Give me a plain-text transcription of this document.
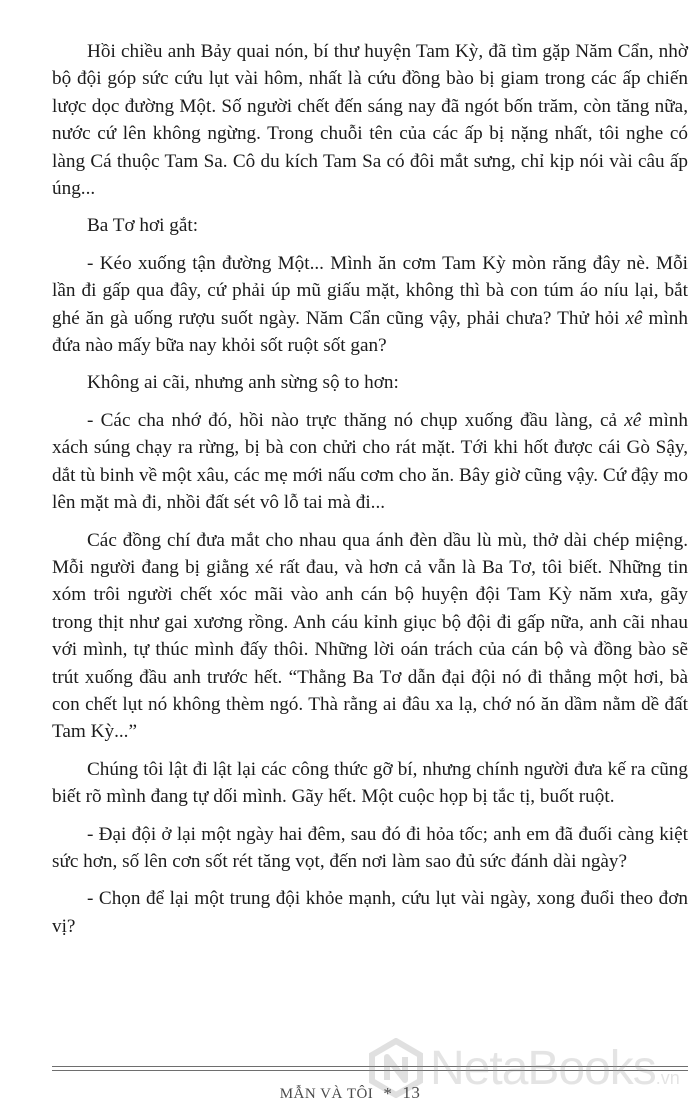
Hồi chiều anh Bảy quai nón, bí thư huyện Tam Kỳ, đã tìm gặp Năm Cẩn, nhờ bộ đội góp sức cứu lụt vài hôm, nhất là cứu đồng bào bị giam trong các ấp chiến lược dọc đường Một. Số người chết đến sáng nay đã ngót bốn trăm, còn tăng nữa, nước cứ lên không ngừng. Trong chuỗi tên của các ấp bị nặng nhất, tôi nghe có làng Cá thuộc Tam Sa. Cô du kích Tam Sa có đôi mắt sưng, chỉ kịp nói vài câu ấp úng...

Ba Tơ hơi gắt:

- Kéo xuống tận đường Một... Mình ăn cơm Tam Kỳ mòn răng đây nè. Mỗi lần đi gấp qua đây, cứ phải úp mũ giấu mặt, không thì bà con túm áo níu lại, bắt ghé ăn gà uống rượu suốt ngày. Năm Cẩn cũng vậy, phải chưa? Thử hỏi xê mình đứa nào mấy bữa nay khỏi sốt ruột sốt gan?

Không ai cãi, nhưng anh sừng sộ to hơn:

- Các cha nhớ đó, hồi nào trực thăng nó chụp xuống đầu làng, cả xê mình xách súng chạy ra rừng, bị bà con chửi cho rát mặt. Tới khi hốt được cái Gò Sậy, dắt tù binh về một xâu, các mẹ mới nấu cơm cho ăn. Bây giờ cũng vậy. Cứ đậy mo lên mặt mà đi, nhồi đất sét vô lỗ tai mà đi...

Các đồng chí đưa mắt cho nhau qua ánh đèn dầu lù mù, thở dài chép miệng. Mỗi người đang bị giằng xé rất đau, và hơn cả vẫn là Ba Tơ, tôi biết. Những tin xóm trôi người chết xóc mãi vào anh cán bộ huyện đội Tam Kỳ năm xưa, gãy trong thịt như gai xương rồng. Anh cáu kỉnh giục bộ đội đi gấp nữa, anh cãi nhau với mình, tự thúc mình đấy thôi. Những lời oán trách của cán bộ và đồng bào sẽ trút xuống đầu anh trước hết. “Thằng Ba Tơ dẫn đại đội nó đi thẳng một hơi, bà con chết lụt nó không thèm ngó. Thà rằng ai đâu xa lạ, chớ nó ăn dầm nằm dề đất Tam Kỳ...”

Chúng tôi lật đi lật lại các công thức gỡ bí, nhưng chính người đưa kế ra cũng biết rõ mình đang tự dối mình. Gãy hết. Một cuộc họp bị tắc tị, buốt ruột.

- Đại đội ở lại một ngày hai đêm, sau đó đi hỏa tốc; anh em đã đuối càng kiệt sức hơn, số lên cơn sốt rét tăng vọt, đến nơi làm sao đủ sức đánh dài ngày?

- Chọn để lại một trung đội khỏe mạnh, cứu lụt vài ngày, xong đuổi theo đơn vị?

NetaBooks.vn
MẪN VÀ TÔI * 13
